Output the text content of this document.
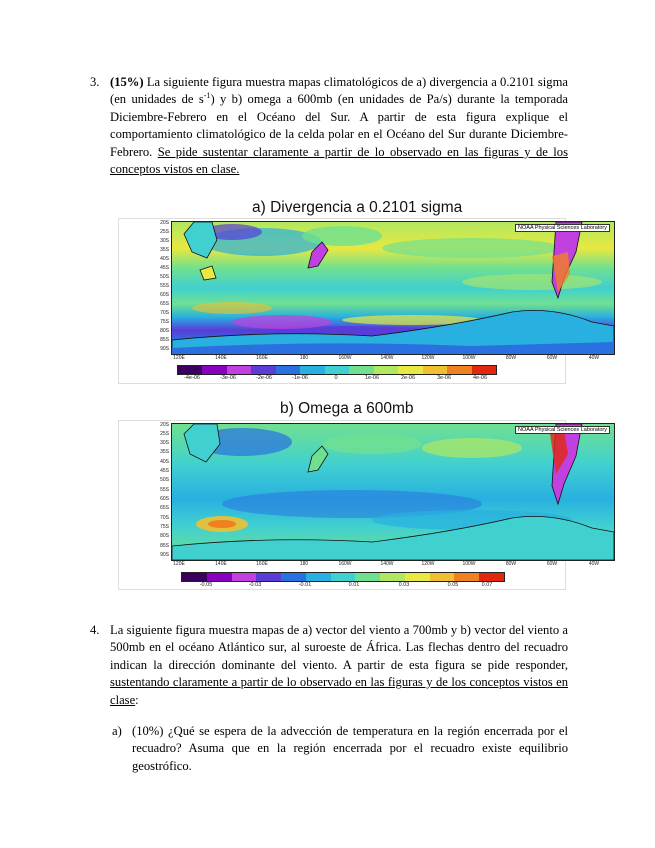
3. (15%) La siguiente figura muestra mapas climatológicos de a) divergencia a 0.2101 sigma (en unidades de $s^{-1}$) y b) omega a 600mb (en unidades de Pa/s) durante la temporada Diciembre-Febrero en el Océano del Sur. A partir de esta figura explique el comportamiento climatológico de la celda polar en el Océano del Sur durante Diciembre-Febrero. Se pide sustentar claramente a partir de lo observado en las figuras y de los conceptos vistos en clase.
a) Divergencia a 0.2101 sigma
NOAA Physical Sciences Laboratory
20S
25S
30S
35S
40S
45S
50S
55S
60S
65S
70S
75S
80S
85S
90S
120E	140E	160E	180	160W	140W	120W	100W	80W	60W	40W
-4e-06	-3e-06	-2e-06	-1e-06	0	1e-06	2e-06	3e-06	4e-06
b) Omega a 600mb
NOAA Physical Sciences Laboratory
20S
25S
30S
35S
40S
45S
50S
55S
60S
65S
70S
75S
80S
85S
90S
120E	140E	160E	180	160W	140W	120W	100W	80W	60W	40W
-0.05	-0.03	-0.01	0.01	0.03	0.05	0.07
4. La siguiente figura muestra mapas de a) vector del viento a 700mb y b) vector del viento a 500mb en el océano Atlántico sur, al suroeste de África. Las flechas dentro del recuadro indican la dirección dominante del viento. A partir de esta figura se pide responder, sustentando claramente a partir de lo observado en las figuras y de los conceptos vistos en clase:
a) (10%) ¿Qué se espera de la advección de temperatura en la región encerrada por el recuadro? Asuma que en la región encerrada por el recuadro existe equilibrio geostrófico.
